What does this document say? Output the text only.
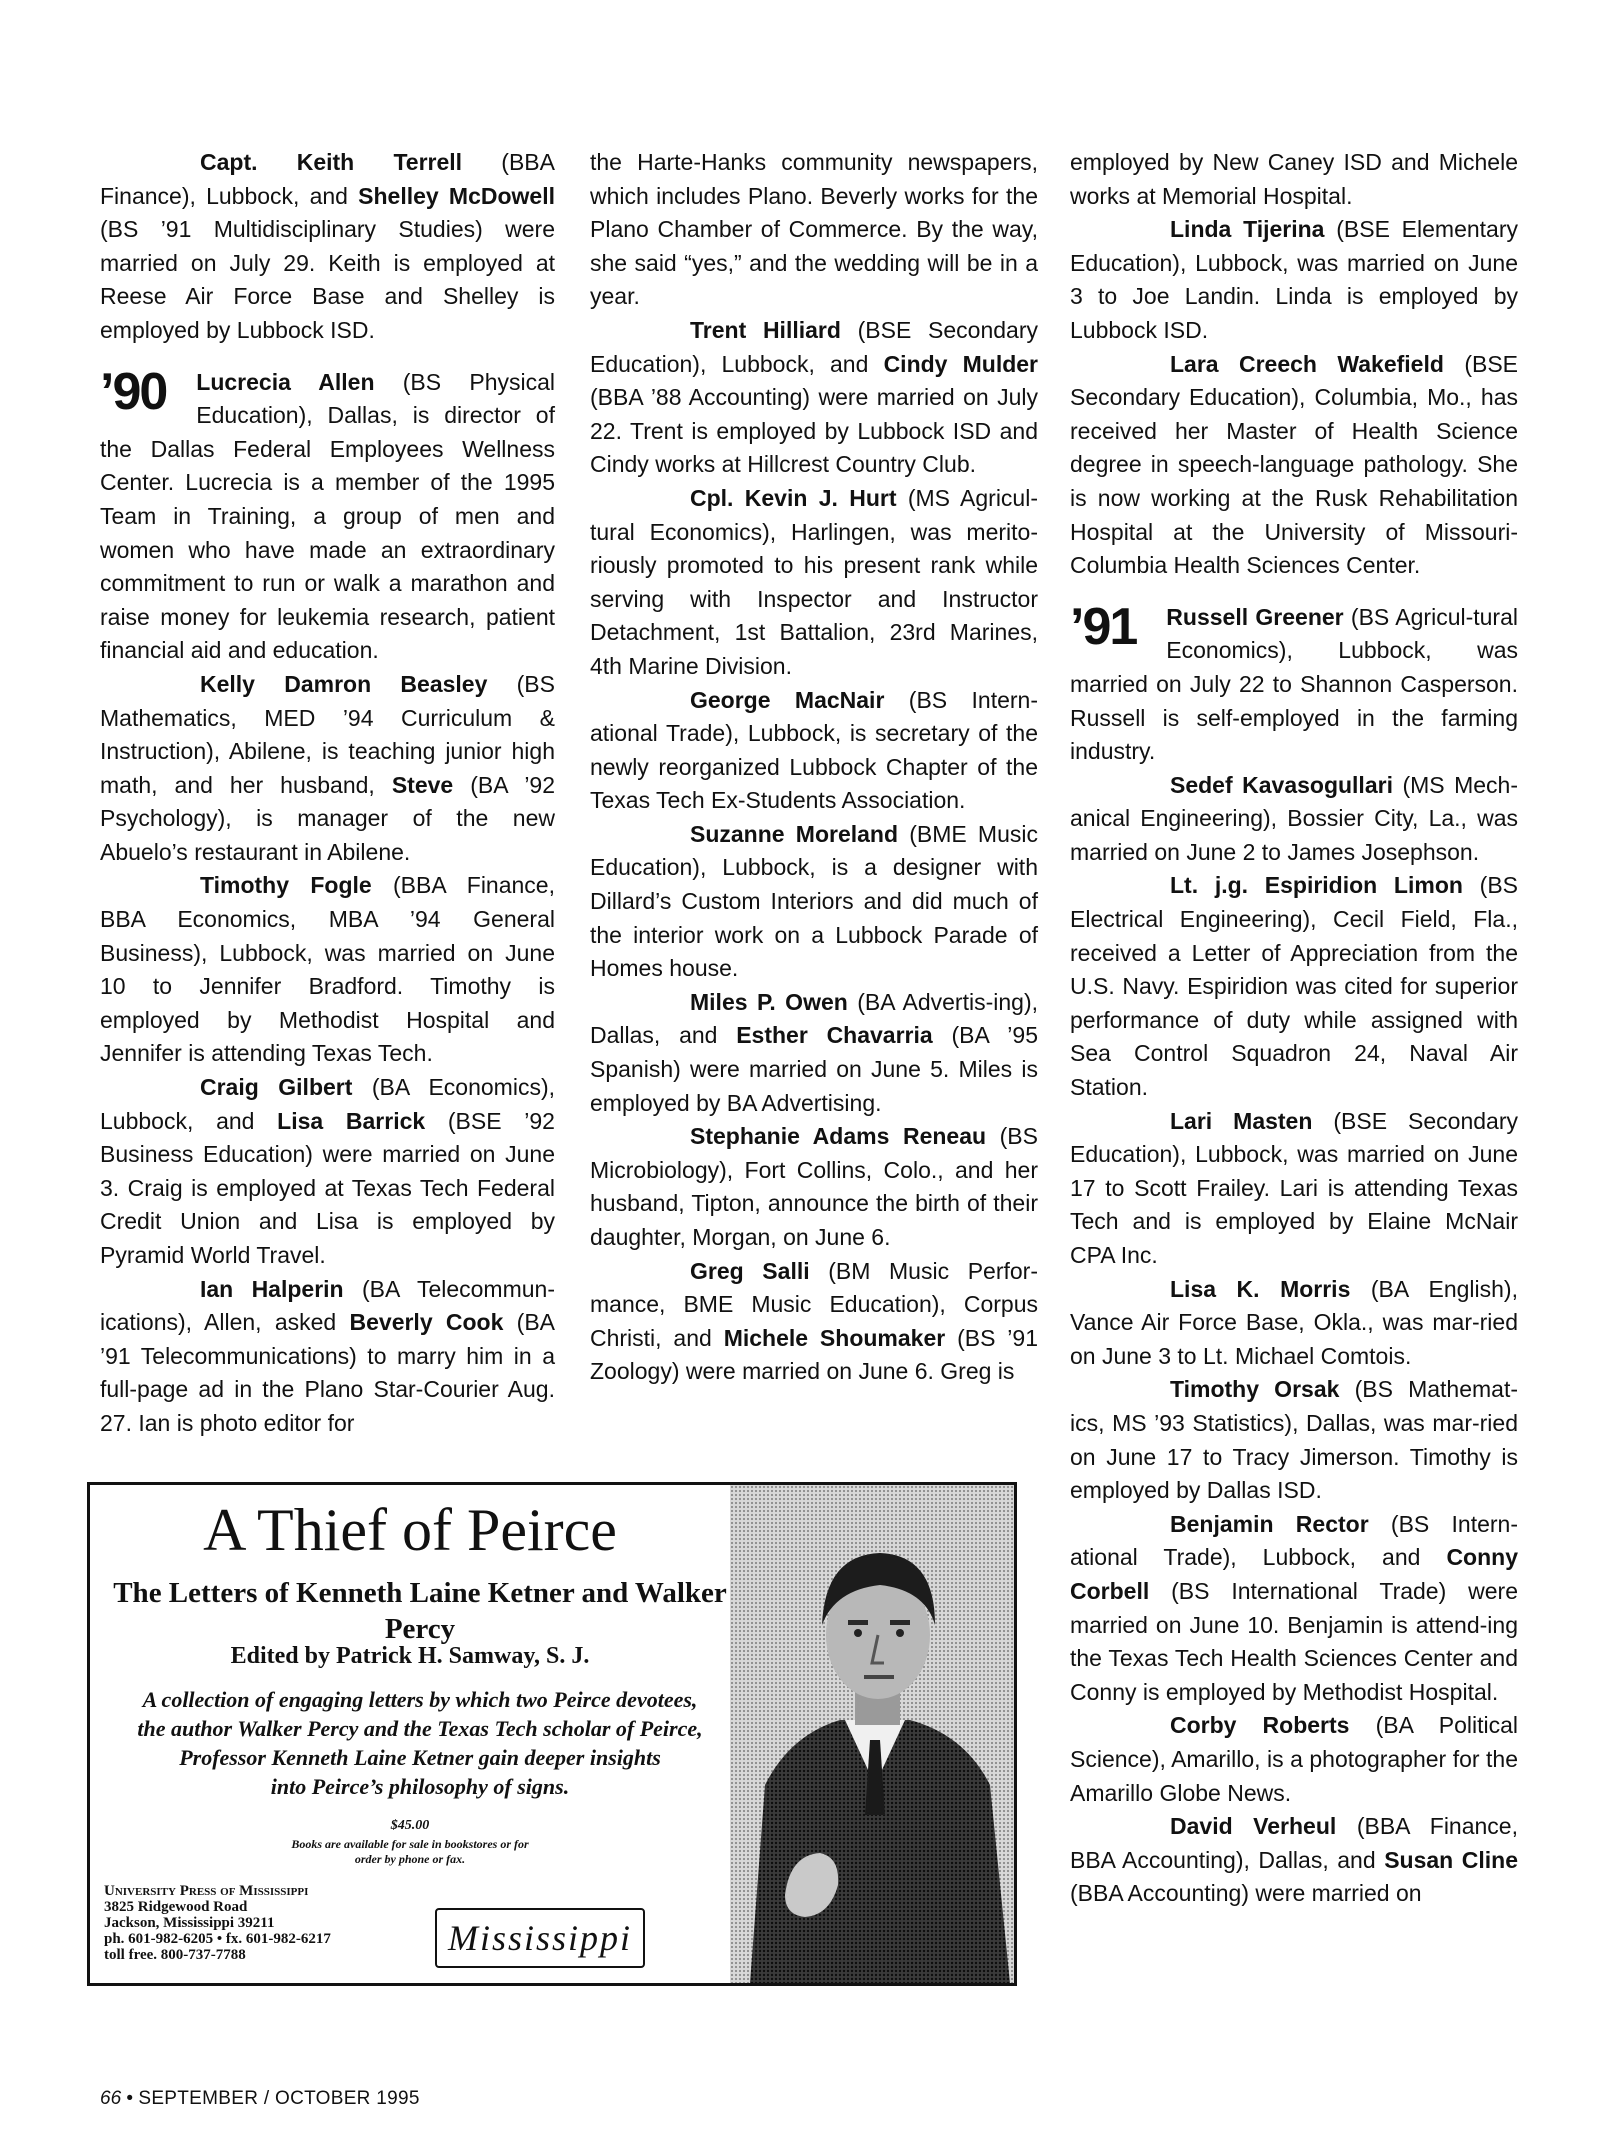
Capt. Keith Terrell (BBA Finance), Lubbock, and Shelley McDowell (BS ’91 Multidisciplinary Studies) were married on July 29. Keith is employed at Reese Air Force Base and Shelley is employed by Lubbock ISD.

’90 Lucrecia Allen (BS Physical Education), Dallas, is director of the Dallas Federal Employees Wellness Center. Lucrecia is a member of the 1995 Team in Training, a group of men and women who have made an extraordinary commitment to run or walk a marathon and raise money for leukemia research, patient financial aid and education.

Kelly Damron Beasley (BS Mathematics, MED ’94 Curriculum & Instruction), Abilene, is teaching junior high math, and her husband, Steve (BA ’92 Psychology), is manager of the new Abuelo’s restaurant in Abilene.

Timothy Fogle (BBA Finance, BBA Economics, MBA ’94 General Business), Lubbock, was married on June 10 to Jennifer Bradford. Timothy is employed by Methodist Hospital and Jennifer is attending Texas Tech.

Craig Gilbert (BA Economics), Lubbock, and Lisa Barrick (BSE ’92 Business Education) were married on June 3. Craig is employed at Texas Tech Federal Credit Union and Lisa is employed by Pyramid World Travel.

Ian Halperin (BA Telecommun-ications), Allen, asked Beverly Cook (BA ’91 Telecommunications) to marry him in a full-page ad in the Plano Star-Courier Aug. 27. Ian is photo editor for

the Harte-Hanks community newspapers, which includes Plano. Beverly works for the Plano Chamber of Commerce. By the way, she said “yes,” and the wedding will be in a year.

Trent Hilliard (BSE Secondary Education), Lubbock, and Cindy Mulder (BBA ’88 Accounting) were married on July 22. Trent is employed by Lubbock ISD and Cindy works at Hillcrest Country Club.

Cpl. Kevin J. Hurt (MS Agricul-tural Economics), Harlingen, was merito-riously promoted to his present rank while serving with Inspector and Instructor Detachment, 1st Battalion, 23rd Marines, 4th Marine Division.

George MacNair (BS Intern-ational Trade), Lubbock, is secretary of the newly reorganized Lubbock Chapter of the Texas Tech Ex-Students Association.

Suzanne Moreland (BME Music Education), Lubbock, is a designer with Dillard’s Custom Interiors and did much of the interior work on a Lubbock Parade of Homes house.

Miles P. Owen (BA Advertis-ing), Dallas, and Esther Chavarria (BA ’95 Spanish) were married on June 5. Miles is employed by BA Advertising.

Stephanie Adams Reneau (BS Microbiology), Fort Collins, Colo., and her husband, Tipton, announce the birth of their daughter, Morgan, on June 6.

Greg Salli (BM Music Perfor-mance, BME Music Education), Corpus Christi, and Michele Shoumaker (BS ’91 Zoology) were married on June 6. Greg is

employed by New Caney ISD and Michele works at Memorial Hospital.

Linda Tijerina (BSE Elementary Education), Lubbock, was married on June 3 to Joe Landin. Linda is employed by Lubbock ISD.

Lara Creech Wakefield (BSE Secondary Education), Columbia, Mo., has received her Master of Health Science degree in speech-language pathology. She is now working at the Rusk Rehabilitation Hospital at the University of Missouri-Columbia Health Sciences Center.

’91 Russell Greener (BS Agricul-tural Economics), Lubbock, was married on July 22 to Shannon Casperson. Russell is self-employed in the farming industry.

Sedef Kavasogullari (MS Mech-anical Engineering), Bossier City, La., was married on June 2 to James Josephson.

Lt. j.g. Espiridion Limon (BS Electrical Engineering), Cecil Field, Fla., received a Letter of Appreciation from the U.S. Navy. Espiridion was cited for superior performance of duty while assigned with Sea Control Squadron 24, Naval Air Station.

Lari Masten (BSE Secondary Education), Lubbock, was married on June 17 to Scott Frailey. Lari is attending Texas Tech and is employed by Elaine McNair CPA Inc.

Lisa K. Morris (BA English), Vance Air Force Base, Okla., was mar-ried on June 3 to Lt. Michael Comtois.

Timothy Orsak (BS Mathemat-ics, MS ’93 Statistics), Dallas, was mar-ried on June 17 to Tracy Jimerson. Timothy is employed by Dallas ISD.

Benjamin Rector (BS Intern-ational Trade), Lubbock, and Conny Corbell (BS International Trade) were married on June 10. Benjamin is attend-ing the Texas Tech Health Sciences Center and Conny is employed by Methodist Hospital.

Corby Roberts (BA Political Science), Amarillo, is a photographer for the Amarillo Globe News.

David Verheul (BBA Finance, BBA Accounting), Dallas, and Susan Cline (BBA Accounting) were married on

A Thief of Peirce
The Letters of Kenneth Laine Ketner and Walker Percy
Edited by Patrick H. Samway, S. J.
A collection of engaging letters by which two Peirce devotees,
the author Walker Percy and the Texas Tech scholar of Peirce,
Professor Kenneth Laine Ketner gain deeper insights
into Peirce’s philosophy of signs.
$45.00
Books are available for sale in bookstores or for
order by phone or fax.
University Press of Mississippi
3825 Ridgewood Road
Jackson, Mississippi 39211
ph. 601-982-6205 • fx. 601-982-6217
toll free. 800-737-7788	Mississippi
66 • SEPTEMBER / OCTOBER 1995
